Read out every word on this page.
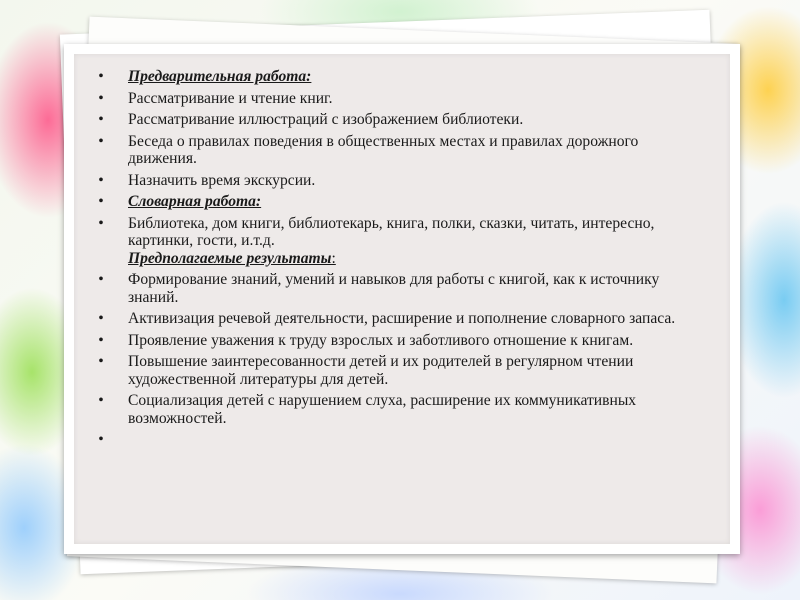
• Предварительная работа:
• Рассматривание и чтение книг.
• Рассматривание иллюстраций с изображением библиотеки.
• Беседа о правилах поведения в общественных местах и правилах дорожного движения.
• Назначить время экскурсии.
• Словарная работа:
• Библиотека, дом книги, библиотекарь, книга, полки, сказки, читать, интересно, картинки, гости, и.т.д.
Предполагаемые результаты:
• Формирование знаний, умений и навыков для работы с книгой, как к источнику знаний.
• Активизация речевой деятельности, расширение и пополнение словарного запаса.
• Проявление уважения к труду взрослых и заботливого отношение к книгам.
• Повышение заинтересованности детей и их родителей в регулярном чтении художественной литературы для детей.
• Социализация детей с нарушением слуха, расширение их коммуникативных возможностей.
•
